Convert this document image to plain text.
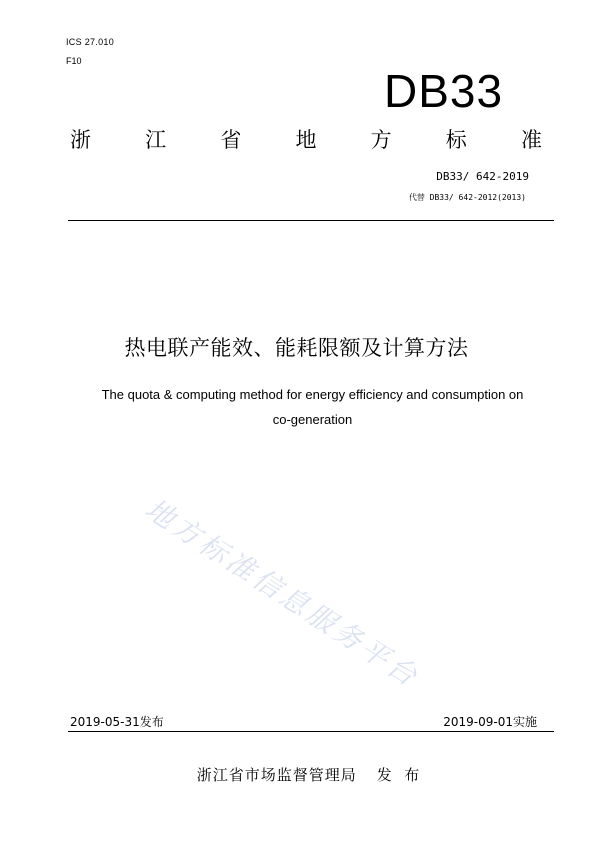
ICS 27.010
F10
DB33
浙	江	省	地	方	标	准
DB33/ 642-2019
代替 DB33/ 642-2012(2013)
热电联产能效、能耗限额及计算方法
The quota & computing method for energy efficiency and consumption on
co-generation
地方标准信息服务平台
2019-05-31发布	2019-09-01实施
浙江省市场监督管理局 发  布
